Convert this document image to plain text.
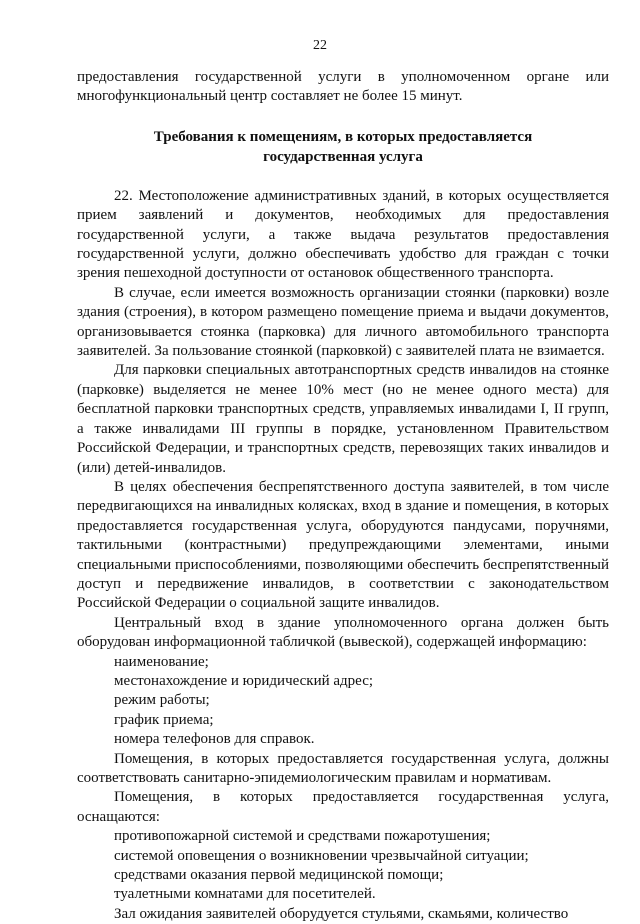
22

предоставления государственной услуги в уполномоченном органе или многофункциональный центр составляет не более 15 минут.

Требования к помещениям, в которых предоставляется государственная услуга

22. Местоположение административных зданий, в которых осуществляется прием заявлений и документов, необходимых для предоставления государственной услуги, а также выдача результатов предоставления государственной услуги, должно обеспечивать удобство для граждан с точки зрения пешеходной доступности от остановок общественного транспорта.

В случае, если имеется возможность организации стоянки (парковки) возле здания (строения), в котором размещено помещение приема и выдачи документов, организовывается стоянка (парковка) для личного автомобильного транспорта заявителей. За пользование стоянкой (парковкой) с заявителей плата не взимается.

Для парковки специальных автотранспортных средств инвалидов на стоянке (парковке) выделяется не менее 10% мест (но не менее одного места) для бесплатной парковки транспортных средств, управляемых инвалидами I, II групп, а также инвалидами III группы в порядке, установленном Правительством Российской Федерации, и транспортных средств, перевозящих таких инвалидов и (или) детей-инвалидов.

В целях обеспечения беспрепятственного доступа заявителей, в том числе передвигающихся на инвалидных колясках, вход в здание и помещения, в которых предоставляется государственная услуга, оборудуются пандусами, поручнями, тактильными (контрастными) предупреждающими элементами, иными специальными приспособлениями, позволяющими обеспечить беспрепятственный доступ и передвижение инвалидов, в соответствии с законодательством Российской Федерации о социальной защите инвалидов.

Центральный вход в здание уполномоченного органа должен быть оборудован информационной табличкой (вывеской), содержащей информацию:

наименование;

местонахождение и юридический адрес;

режим работы;

график приема;

номера телефонов для справок.

Помещения, в которых предоставляется государственная услуга, должны соответствовать санитарно-эпидемиологическим правилам и нормативам.

Помещения, в которых предоставляется государственная услуга, оснащаются:

противопожарной системой и средствами пожаротушения;

системой оповещения о возникновении чрезвычайной ситуации;

средствами оказания первой медицинской помощи;

туалетными комнатами для посетителей.

Зал ожидания заявителей оборудуется стульями, скамьями, количество
